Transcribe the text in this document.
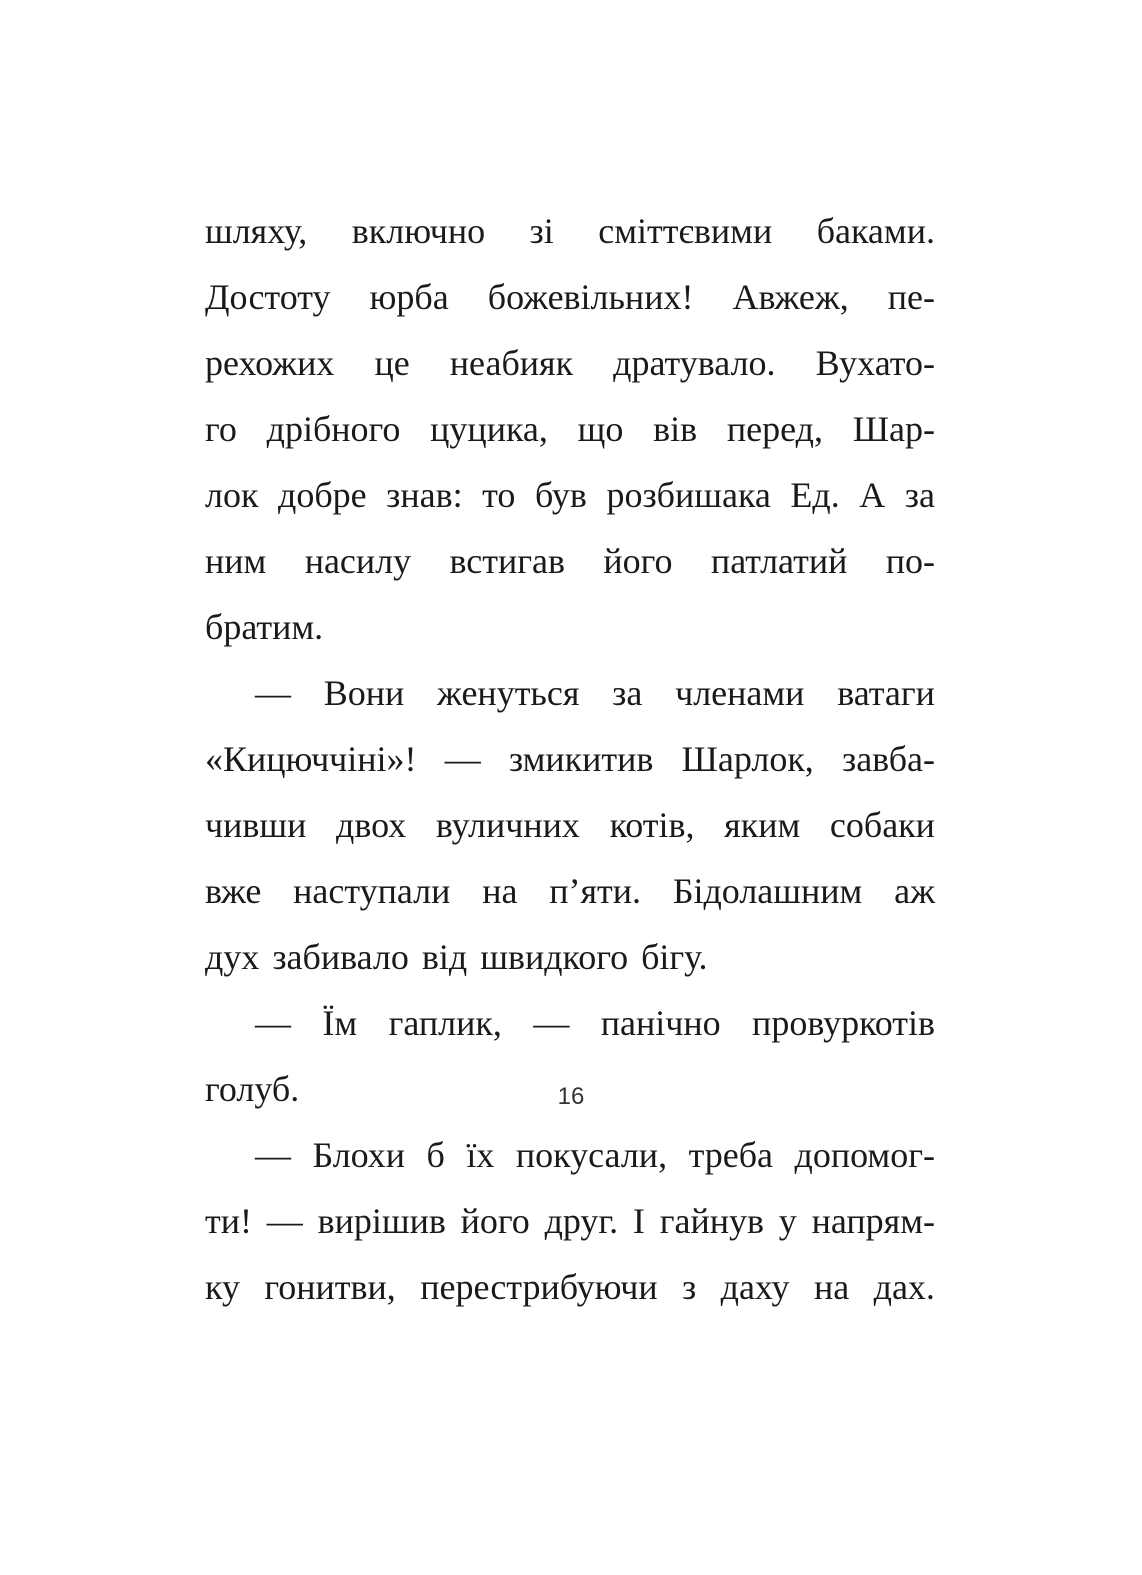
шляху, включно зі сміттєвими баками.
Достоту юрба божевільних! Авжеж, пе-
рехожих це неабияк дратувало. Вухато-
го дрібного цуцика, що вів перед, Шар-
лок добре знав: то був розбишака Ед. А за
ним насилу встигав його патлатий по-
братим.
— Вони женуться за членами ватаги
«Кицюччіні»! — змикитив Шарлок, завба-
чивши двох вуличних котів, яким собаки
вже наступали на п’яти. Бідолашним аж
дух забивало від швидкого бігу.
— Їм гаплик, — панічно провуркотів
голуб.
— Блохи б їх покусали, треба допомог-
ти! — вирішив його друг. І гайнув у напрям-
ку гонитви, перестрибуючи з даху на дах.
16
